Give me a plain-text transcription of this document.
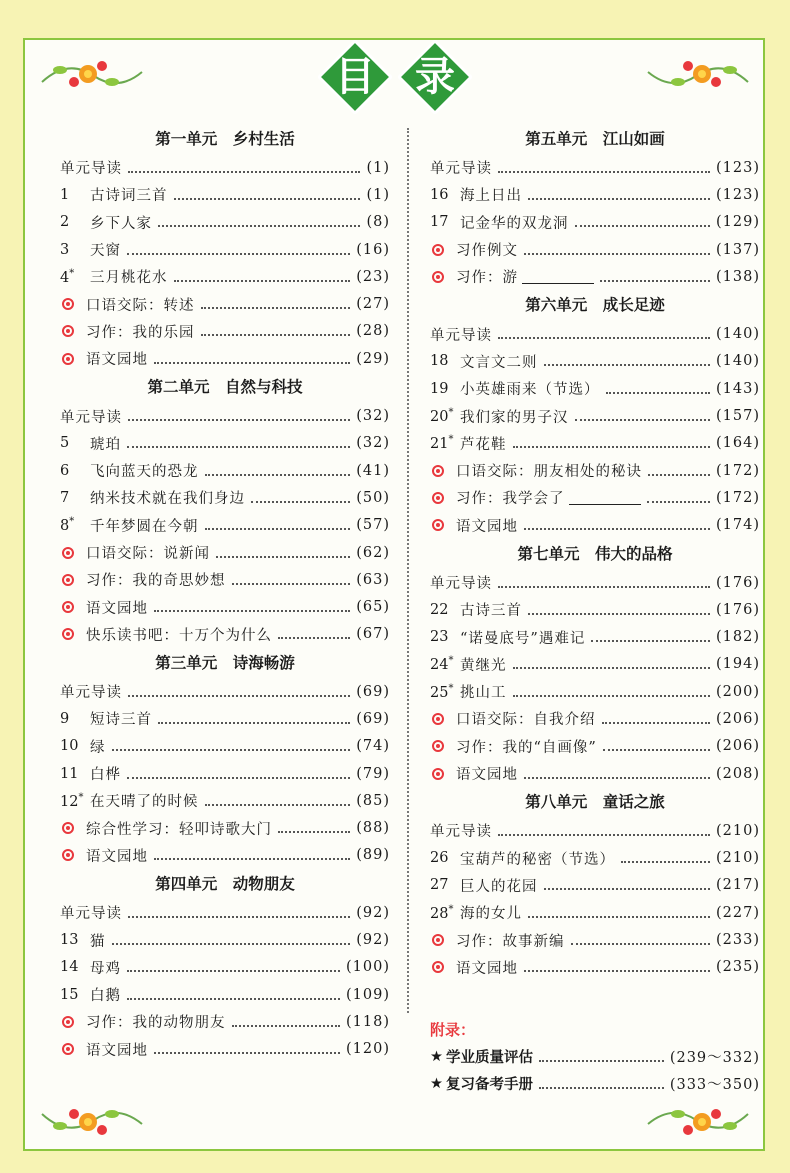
目	录
第一单元　乡村生活
单元导读	(1)
1	古诗词三首	(1)
2	乡下人家	(8)
3	天窗	(16)
4*	三月桃花水	(23)
口语交际：转述	(27)
习作：我的乐园	(28)
语文园地	(29)
第二单元　自然与科技
单元导读	(32)
5	琥珀	(32)
6	飞向蓝天的恐龙	(41)
7	纳米技术就在我们身边	(50)
8*	千年梦圆在今朝	(57)
口语交际：说新闻	(62)
习作：我的奇思妙想	(63)
语文园地	(65)
快乐读书吧：十万个为什么	(67)
第三单元　诗海畅游
单元导读	(69)
9	短诗三首	(69)
10 绿	(74)
11 白桦	(79)
12* 在天晴了的时候	(85)
综合性学习：轻叩诗歌大门	(88)
语文园地	(89)
第四单元　动物朋友
单元导读	(92)
13 猫	(92)
14 母鸡	(100)
15 白鹅	(109)
习作：我的动物朋友	(118)
语文园地	(120)
第五单元　江山如画
单元导读	(123)
16 海上日出	(123)
17 记金华的双龙洞	(129)
习作例文	(137)
习作：游	(138)
第六单元　成长足迹
单元导读	(140)
18 文言文二则	(140)
19 小英雄雨来（节选）	(143)
20* 我们家的男子汉	(157)
21* 芦花鞋	(164)
口语交际：朋友相处的秘诀	(172)
习作：我学会了	(172)
语文园地	(174)
第七单元　伟大的品格
单元导读	(176)
22 古诗三首	(176)
23 “诺曼底号”遇难记	(182)
24* 黄继光	(194)
25* 挑山工	(200)
口语交际：自我介绍	(206)
习作：我的“自画像”	(206)
语文园地	(208)
第八单元　童话之旅
单元导读	(210)
26 宝葫芦的秘密（节选）	(210)
27 巨人的花园	(217)
28* 海的女儿	(227)
习作：故事新编	(233)
语文园地	(235)
附录：
★ 学业质量评估	(239～332)
★ 复习备考手册	(333～350)
